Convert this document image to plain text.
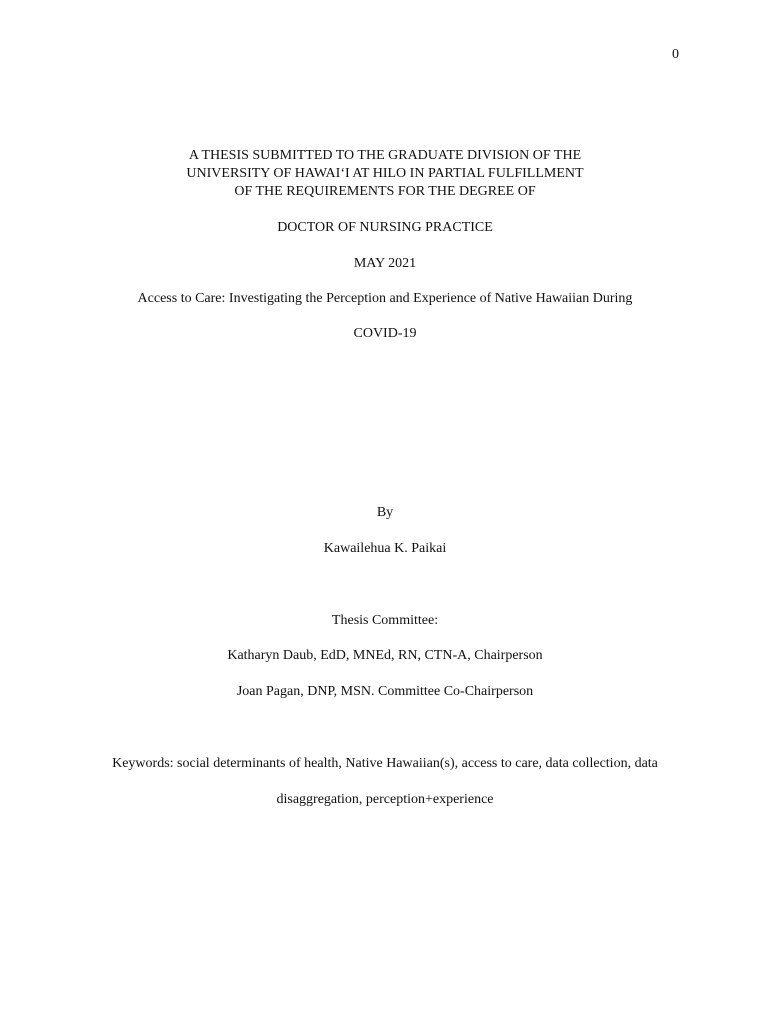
0
A THESIS SUBMITTED TO THE GRADUATE DIVISION OF THE
UNIVERSITY OF HAWAIʻI AT HILO IN PARTIAL FULFILLMENT
OF THE REQUIREMENTS FOR THE DEGREE OF
DOCTOR OF NURSING PRACTICE
MAY 2021
Access to Care: Investigating the Perception and Experience of Native Hawaiian During
COVID-19
By
Kawailehua K. Paikai
Thesis Committee:
Katharyn Daub, EdD, MNEd, RN, CTN-A, Chairperson
Joan Pagan, DNP, MSN. Committee Co-Chairperson
Keywords: social determinants of health, Native Hawaiian(s), access to care, data collection, data
disaggregation, perception+experience
